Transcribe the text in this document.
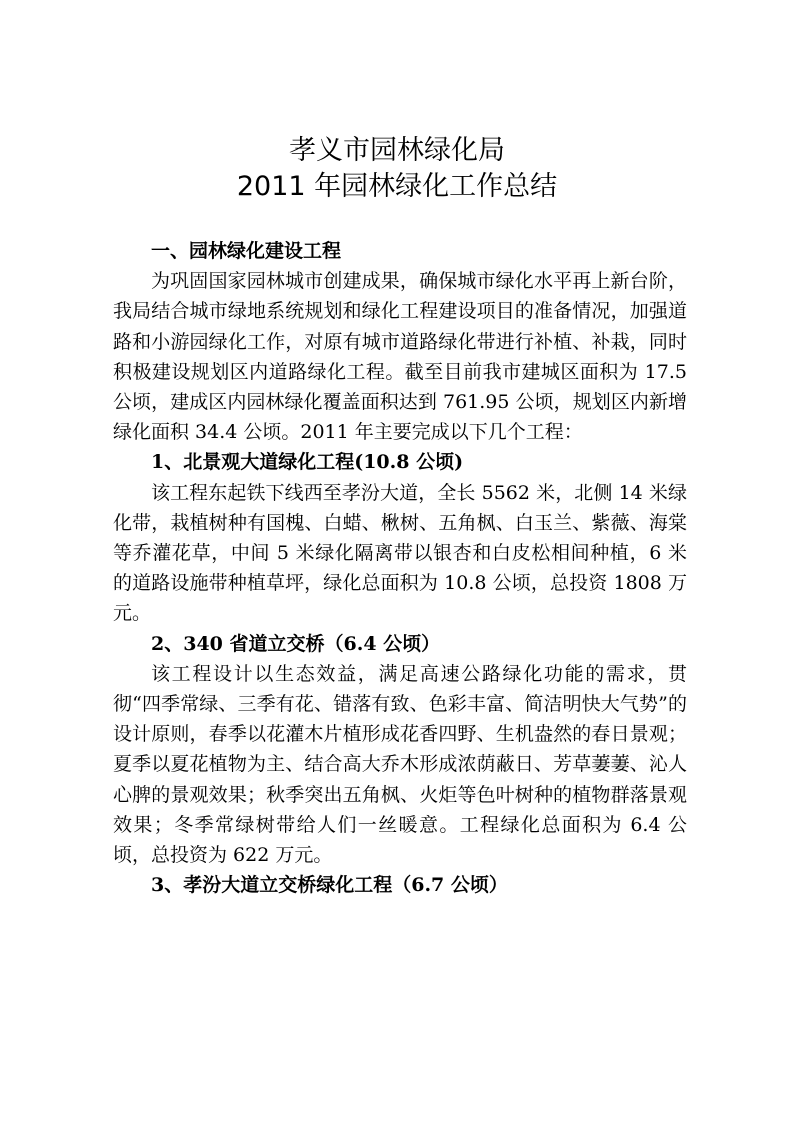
孝义市园林绿化局
2011 年园林绿化工作总结

一、园林绿化建设工程

为巩固国家园林城市创建成果，确保城市绿化水平再上新台阶，我局结合城市绿地系统规划和绿化工程建设项目的准备情况，加强道路和小游园绿化工作，对原有城市道路绿化带进行补植、补栽，同时积极建设规划区内道路绿化工程。截至目前我市建城区面积为 17.5 公顷，建成区内园林绿化覆盖面积达到 761.95 公顷，规划区内新增绿化面积 34.4 公顷。2011 年主要完成以下几个工程：

1、北景观大道绿化工程(10.8 公顷)

该工程东起铁下线西至孝汾大道，全长 5562 米，北侧 14 米绿化带，栽植树种有国槐、白蜡、楸树、五角枫、白玉兰、紫薇、海棠等乔灌花草，中间 5 米绿化隔离带以银杏和白皮松相间种植，6 米的道路设施带种植草坪，绿化总面积为 10.8 公顷，总投资 1808 万元。

2、340 省道立交桥（6.4 公顷）

该工程设计以生态效益，满足高速公路绿化功能的需求，贯彻“四季常绿、三季有花、错落有致、色彩丰富、简洁明快大气势”的设计原则，春季以花灌木片植形成花香四野、生机盎然的春日景观；夏季以夏花植物为主、结合高大乔木形成浓荫蔽日、芳草萋萋、沁人心脾的景观效果；秋季突出五角枫、火炬等色叶树种的植物群落景观效果；冬季常绿树带给人们一丝暖意。工程绿化总面积为 6.4 公顷，总投资为 622 万元。

3、孝汾大道立交桥绿化工程（6.7 公顷）
